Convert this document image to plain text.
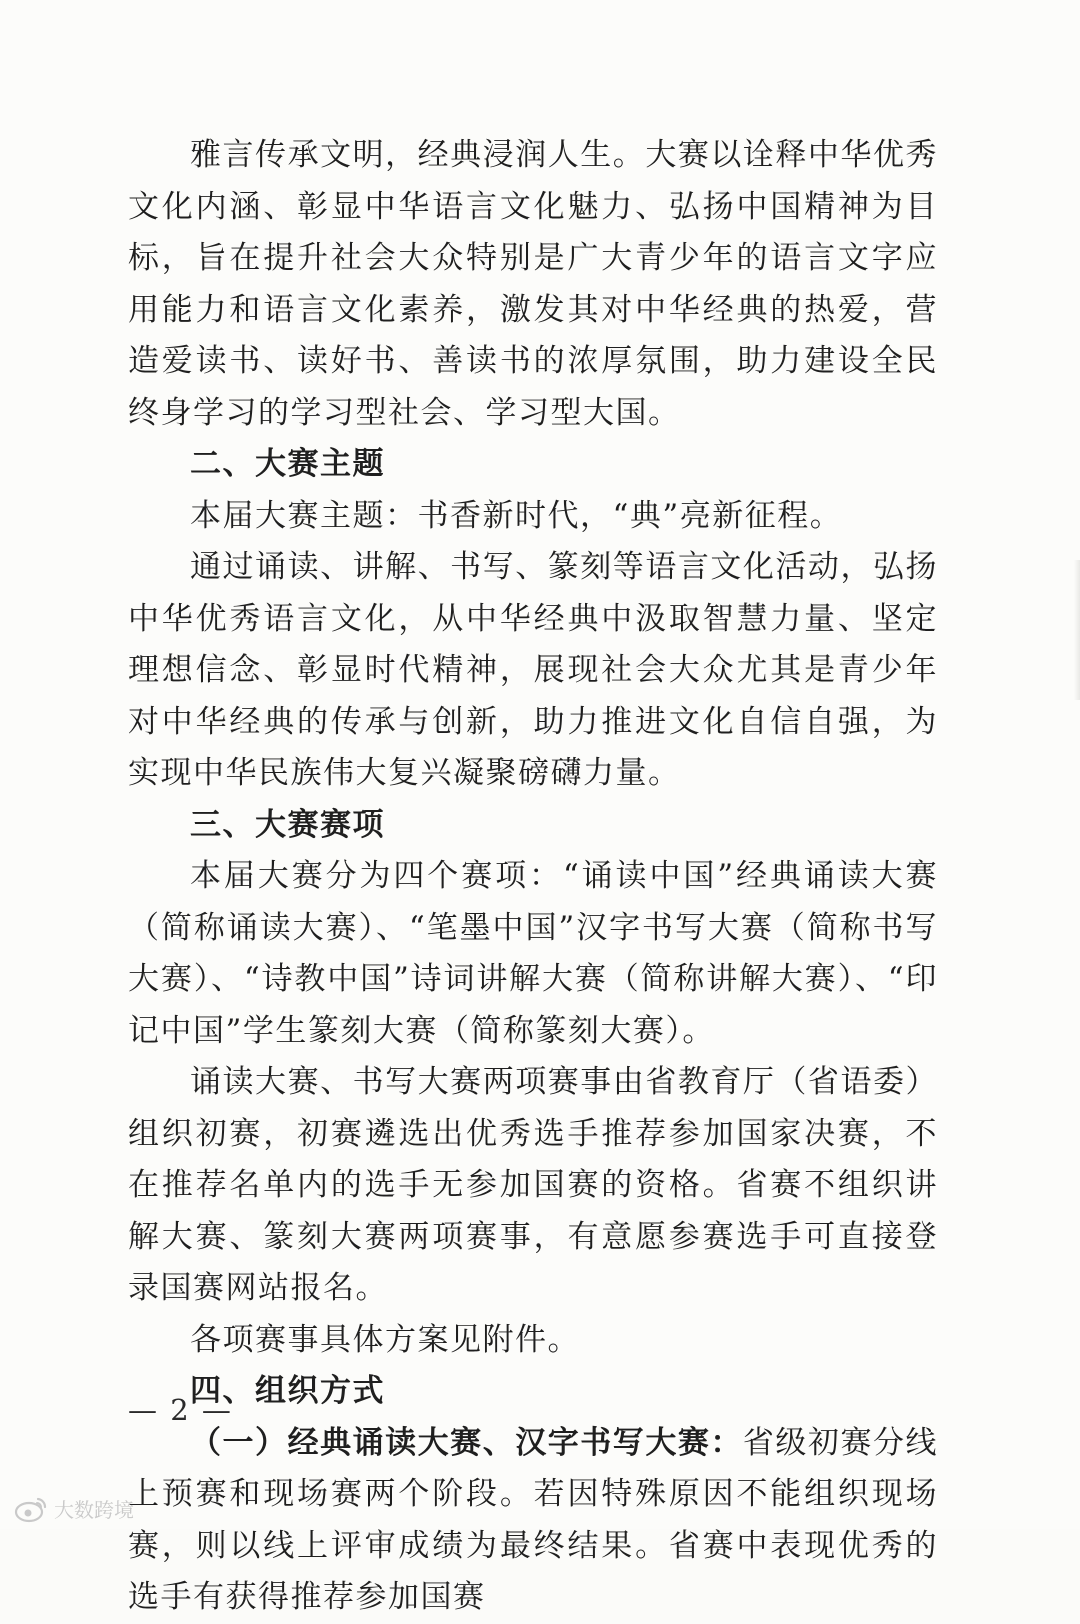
雅言传承文明，经典浸润人生。大赛以诠释中华优秀文化内涵、彰显中华语言文化魅力、弘扬中国精神为目标，旨在提升社会大众特别是广大青少年的语言文字应用能力和语言文化素养，激发其对中华经典的热爱，营造爱读书、读好书、善读书的浓厚氛围，助力建设全民终身学习的学习型社会、学习型大国。

二、大赛主题

本届大赛主题：书香新时代，“典”亮新征程。

通过诵读、讲解、书写、篆刻等语言文化活动，弘扬中华优秀语言文化，从中华经典中汲取智慧力量、坚定理想信念、彰显时代精神，展现社会大众尤其是青少年对中华经典的传承与创新，助力推进文化自信自强，为实现中华民族伟大复兴凝聚磅礴力量。

三、大赛赛项

本届大赛分为四个赛项：“诵读中国”经典诵读大赛（简称诵读大赛）、“笔墨中国”汉字书写大赛（简称书写大赛）、“诗教中国”诗词讲解大赛（简称讲解大赛）、“印记中国”学生篆刻大赛（简称篆刻大赛）。

诵读大赛、书写大赛两项赛事由省教育厅（省语委）组织初赛，初赛遴选出优秀选手推荐参加国家决赛，不在推荐名单内的选手无参加国赛的资格。省赛不组织讲解大赛、篆刻大赛两项赛事，有意愿参赛选手可直接登录国赛网站报名。

各项赛事具体方案见附件。

四、组织方式

（一）经典诵读大赛、汉字书写大赛：省级初赛分线上预赛和现场赛两个阶段。若因特殊原因不能组织现场赛，则以线上评审成绩为最终结果。省赛中表现优秀的选手有获得推荐参加国赛

— 2 —
大数跨境
